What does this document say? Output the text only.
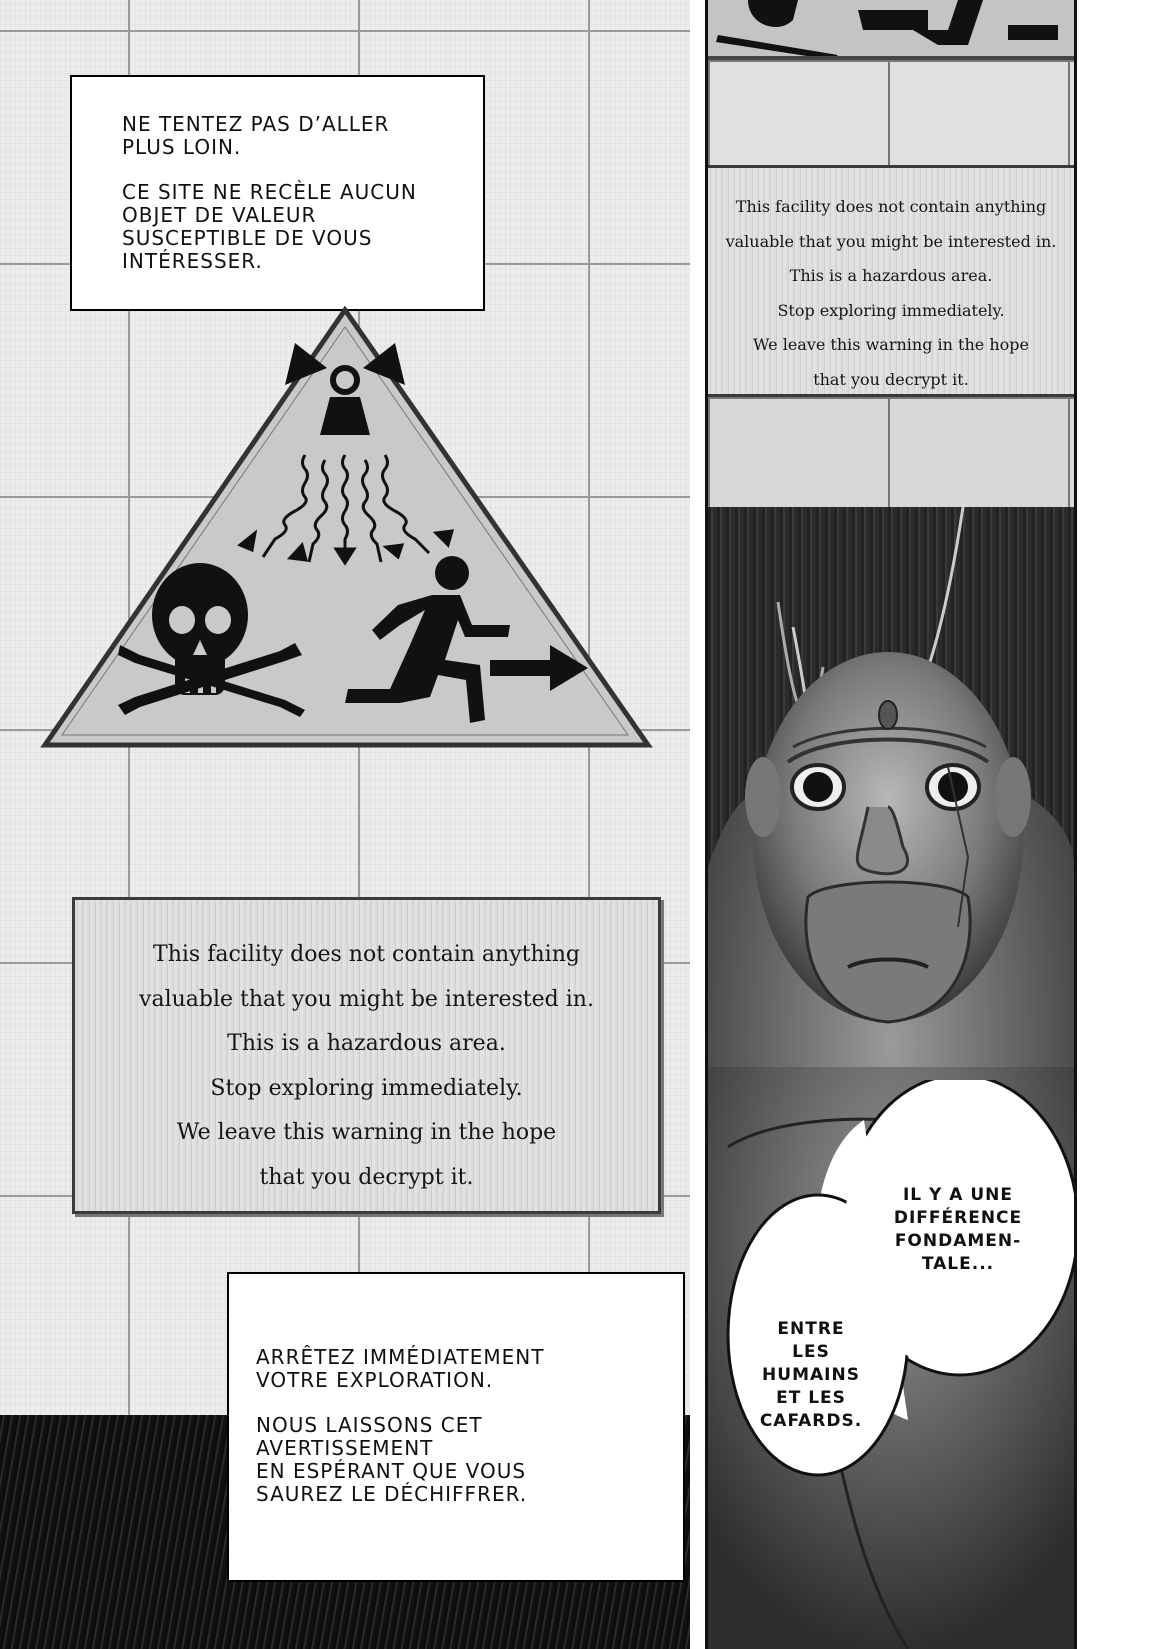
NE TENTEZ PAS D’ALLER
PLUS LOIN.

CE SITE NE RECÈLE AUCUN
OBJET DE VALEUR
SUSCEPTIBLE DE VOUS
INTÉRESSER.

This facility does not contain anything
valuable that you might be interested in.
This is a hazardous area.
Stop exploring immediately.
We leave this warning in the hope
that you decrypt it.

ARRÊTEZ IMMÉDIATEMENT
VOTRE EXPLORATION.

NOUS LAISSONS CET
AVERTISSEMENT
EN ESPÉRANT QUE VOUS
SAUREZ LE DÉCHIFFRER.

This facility does not contain anything
valuable that you might be interested in.
This is a hazardous area.
Stop exploring immediately.
We leave this warning in the hope
that you decrypt it.
IL Y A UNE
DIFFÉRENCE
FONDAMEN-
TALE...
ENTRE LES
HUMAINS
ET LES
CAFARDS.
